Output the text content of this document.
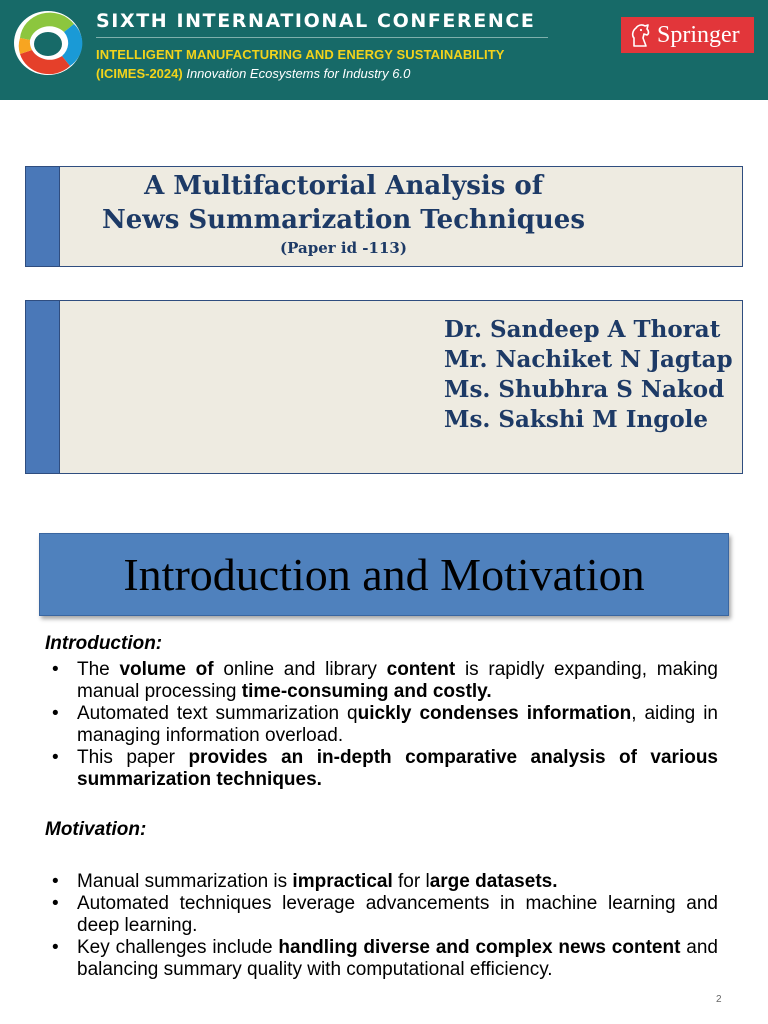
SIXTH INTERNATIONAL CONFERENCE
INTELLIGENT MANUFACTURING AND ENERGY SUSTAINABILITY
(ICIMES-2024) Innovation Ecosystems for Industry 6.0
Springer
A Multifactorial Analysis of
News Summarization Techniques
(Paper id -113)
Dr. Sandeep A Thorat
Mr. Nachiket N Jagtap
Ms. Shubhra S Nakod
Ms. Sakshi M Ingole
Introduction and Motivation
Introduction:
• The volume of online and library content is rapidly expanding, making manual processing time-consuming and costly.
• Automated text summarization quickly condenses information, aiding in managing information overload.
• This paper provides an in-depth comparative analysis of various summarization techniques.
Motivation:
• Manual summarization is impractical for large datasets.
• Automated techniques leverage advancements in machine learning and deep learning.
• Key challenges include handling diverse and complex news content and balancing summary quality with computational efficiency.
2
